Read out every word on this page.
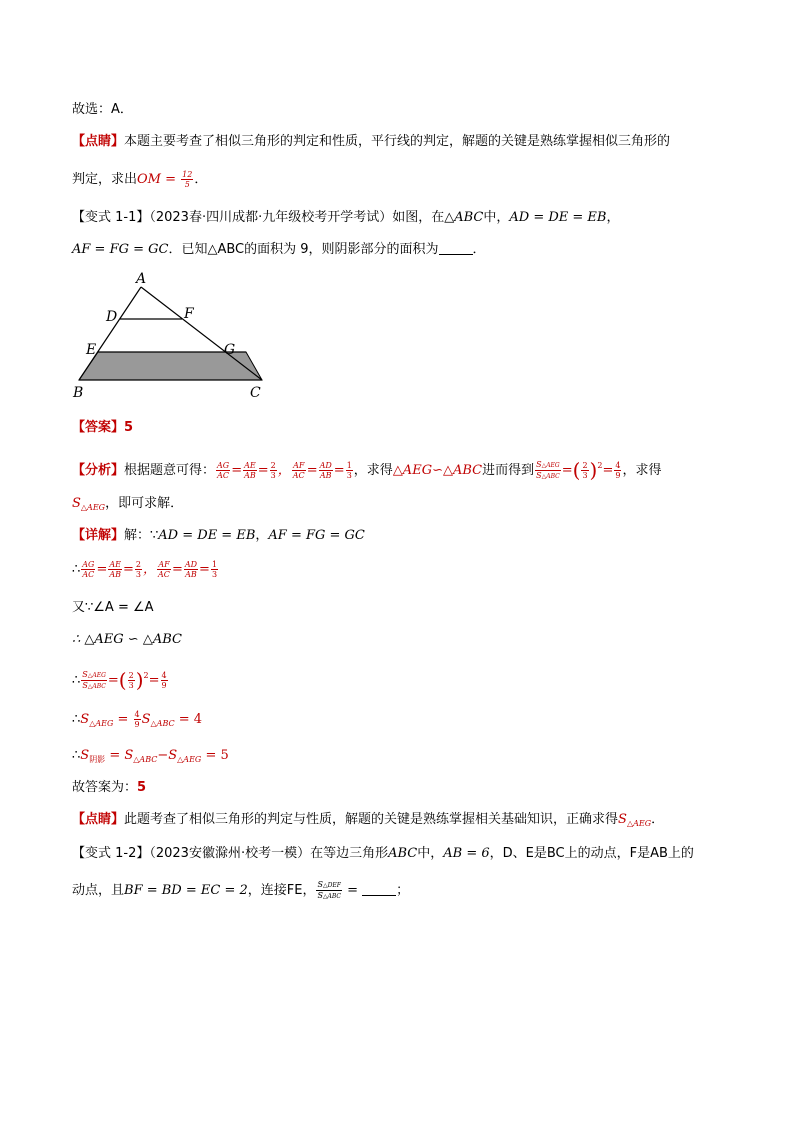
故选：A．
【点睛】本题主要考查了相似三角形的判定和性质，平行线的判定，解题的关键是熟练掌握相似三角形的
判定，求出OM = $\frac{12}{5}$ ．
【变式 1-1】（2023春·四川成都·九年级校考开学考试）如图，在△ABC中，AD = DE = EB，
AF = FG = GC．已知△ABC的面积为 9，则阴影部分的面积为	．
A
D	F
E	G
B	C
【答案】5
【分析】根据题意可得： $\frac{AG}{AC} = \frac{AE}{AB} = \frac{2}{3}$ ， $\frac{AF}{AC} = \frac{AD}{AB} = \frac{1}{3}$ ，求得△AEG∽△ABC进而得到 $\frac{\text{S△AEG}}{\text{S△ABC}}$ =( $\frac{2}{3} )^2= \frac{4}{9}$ ，求得
$S_{\triangle AEG}$，即可求解．
【详解】解：∵AD = DE = EB，AF = FG = GC
∴ $\frac{AG}{AC} = \frac{AE}{AB} = \frac{2}{3}$ ， $\frac{AF}{AC} = \frac{AD}{AB} = \frac{1}{3}$
又∵∠A = ∠A
∴ △AEG ∽ △ABC
∴ $\frac{\text{S△AEG}}{\text{S△ABC}}$ =( $\frac{2}{3} )^2= \frac{4}{9}$
$\therefore S_{\triangle AEG} = \frac{4}{9} S_{\triangle ABC} = 4$
$\therefore S_{阴影} = S_{\triangle ABC}-S_{\triangle AEG} = 5$
故答案为：5
【点睛】此题考查了相似三角形的判定与性质，解题的关键是熟练掌握相关基础知识，正确求得$S_{\triangle AEG}$．
【变式 1-2】（2023安徽滁州·校考一模）在等边三角形ABC中，AB = 6，D、E是BC上的动点，F是AB上的
动点，且BF = BD = EC = 2，连接FE， $\frac{\text{S△DEF}}{\text{S△ABC}}$ =	；
